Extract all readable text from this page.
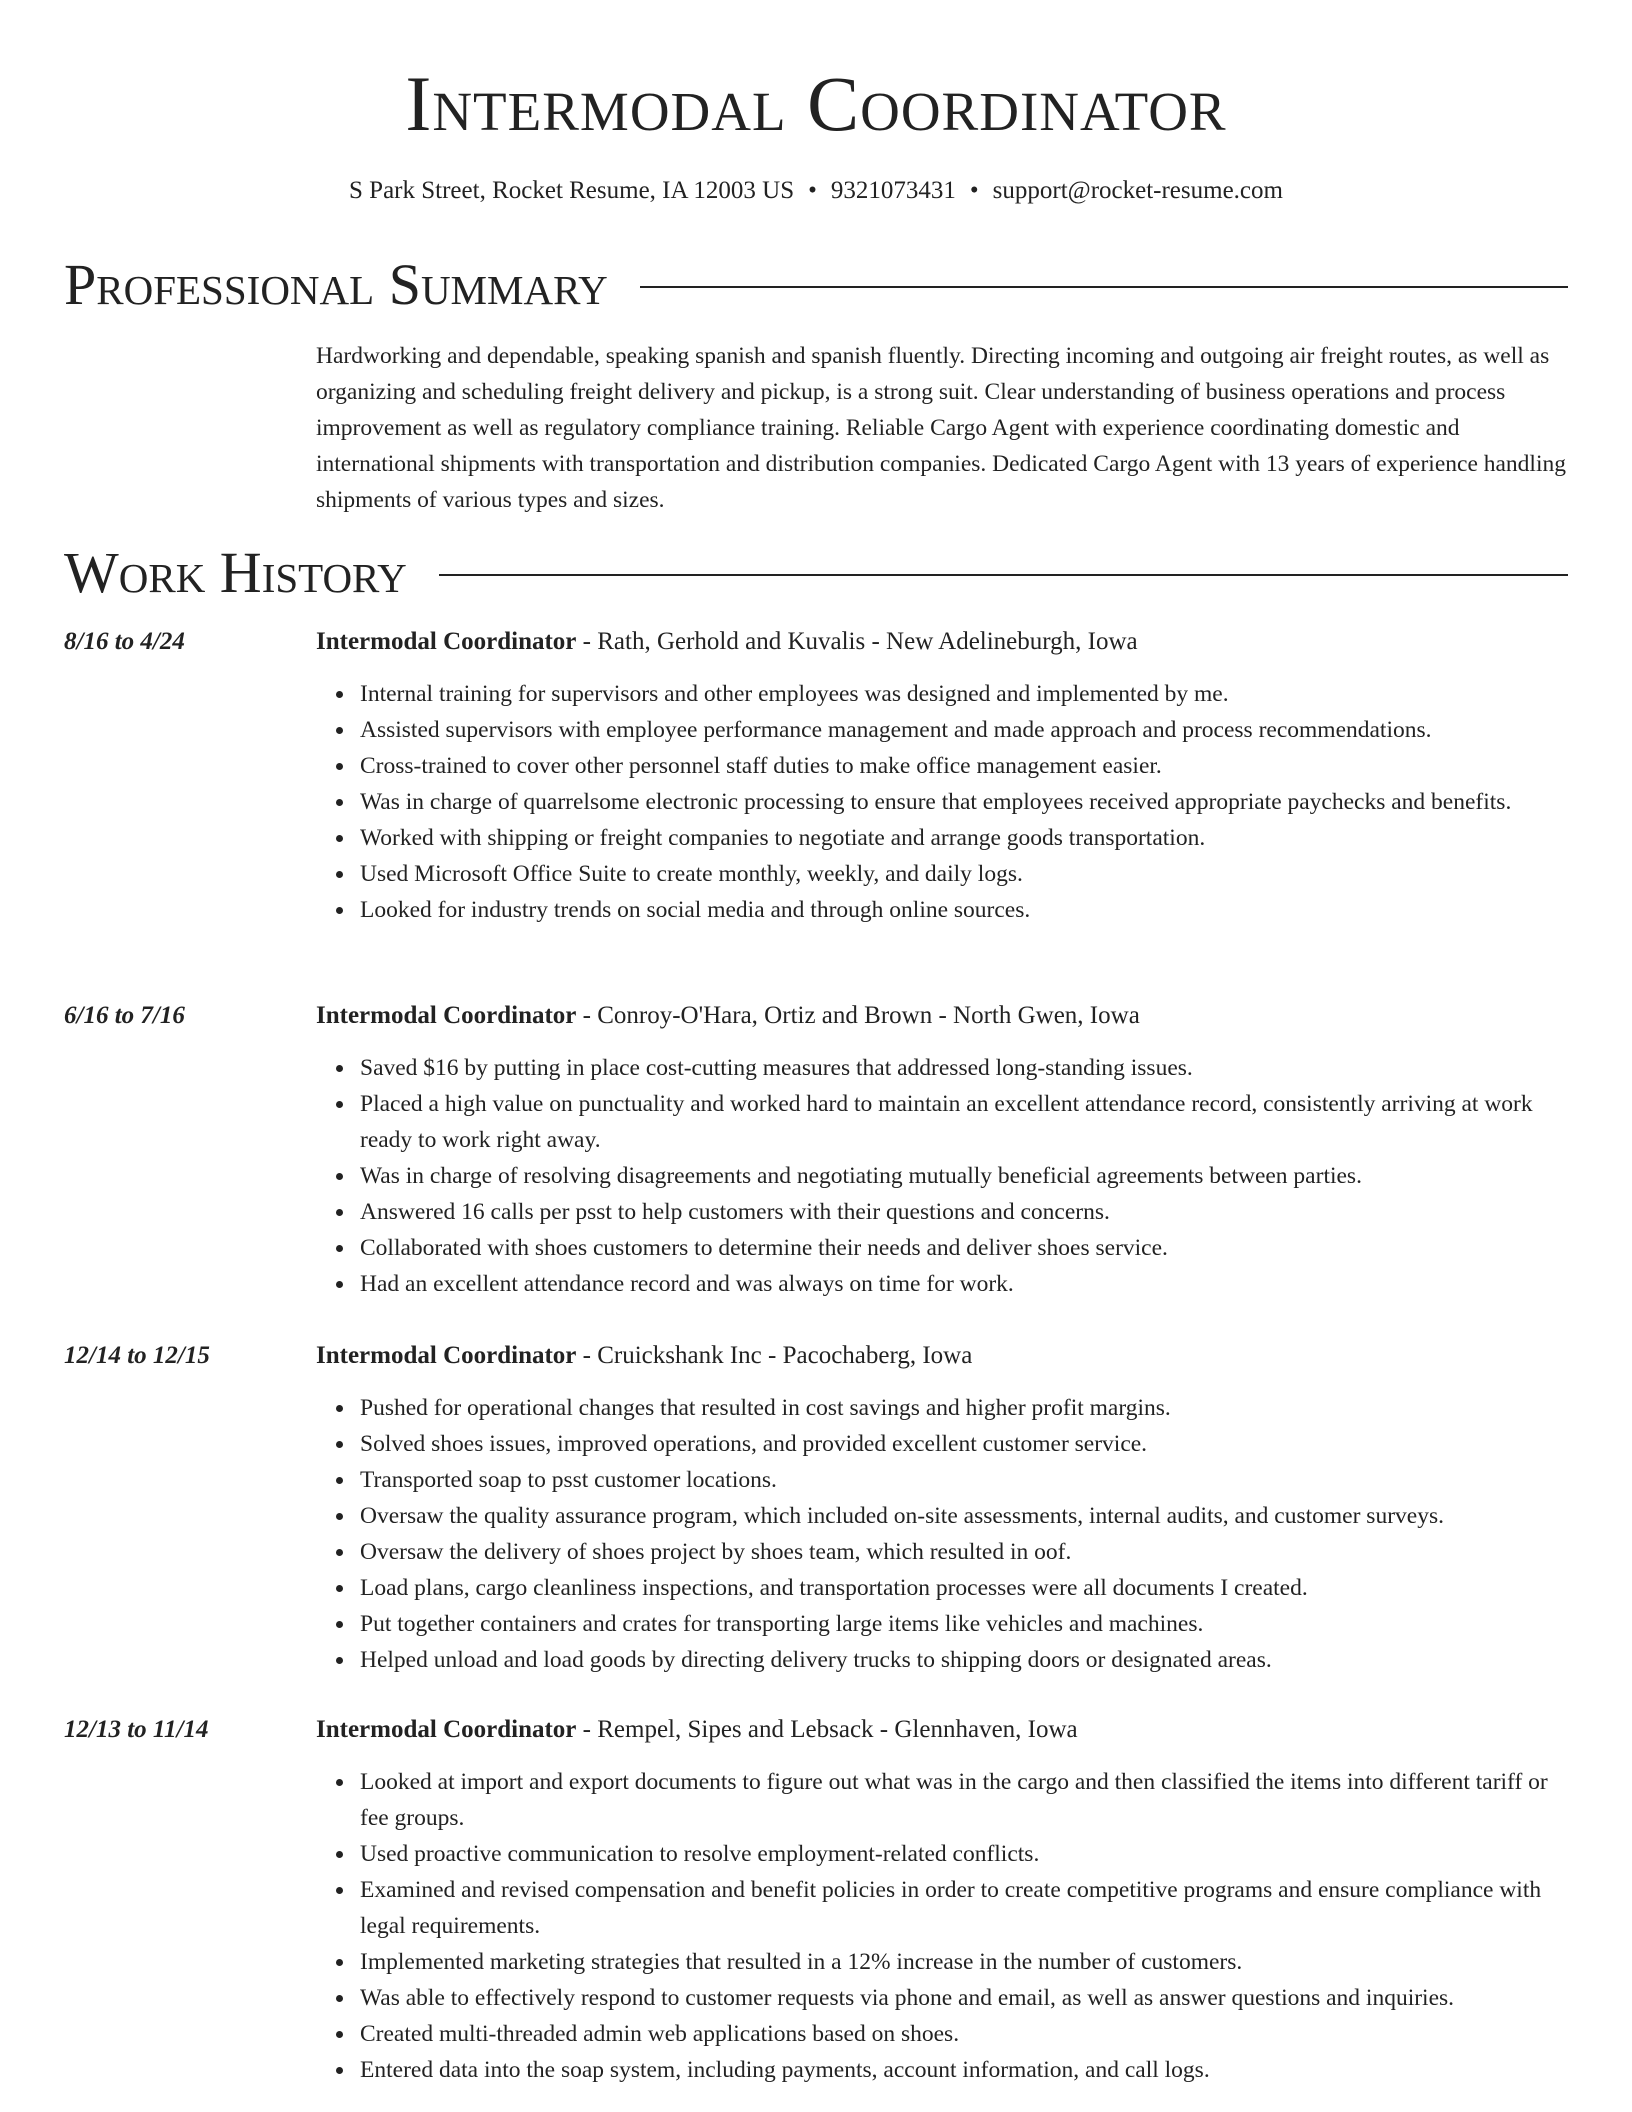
Intermodal Coordinator
S Park Street, Rocket Resume, IA 12003 US • 9321073431 • support@rocket-resume.com
Professional Summary

Hardworking and dependable, speaking spanish and spanish fluently. Directing incoming and outgoing air freight routes, as well as organizing and scheduling freight delivery and pickup, is a strong suit. Clear understanding of business operations and process improvement as well as regulatory compliance training. Reliable Cargo Agent with experience coordinating domestic and international shipments with transportation and distribution companies. Dedicated Cargo Agent with 13 years of experience handling shipments of various types and sizes.

Work History
8/16 to 4/24	Intermodal Coordinator - Rath, Gerhold and Kuvalis - New Adelineburgh, Iowa
• Internal training for supervisors and other employees was designed and implemented by me.
• Assisted supervisors with employee performance management and made approach and process recommendations.
• Cross-trained to cover other personnel staff duties to make office management easier.
• Was in charge of quarrelsome electronic processing to ensure that employees received appropriate paychecks and benefits.
• Worked with shipping or freight companies to negotiate and arrange goods transportation.
• Used Microsoft Office Suite to create monthly, weekly, and daily logs.
• Looked for industry trends on social media and through online sources.
6/16 to 7/16	Intermodal Coordinator - Conroy-O'Hara, Ortiz and Brown - North Gwen, Iowa
• Saved $16 by putting in place cost-cutting measures that addressed long-standing issues.
• Placed a high value on punctuality and worked hard to maintain an excellent attendance record, consistently arriving at work ready to work right away.
• Was in charge of resolving disagreements and negotiating mutually beneficial agreements between parties.
• Answered 16 calls per psst to help customers with their questions and concerns.
• Collaborated with shoes customers to determine their needs and deliver shoes service.
• Had an excellent attendance record and was always on time for work.
12/14 to 12/15	Intermodal Coordinator - Cruickshank Inc - Pacochaberg, Iowa
• Pushed for operational changes that resulted in cost savings and higher profit margins.
• Solved shoes issues, improved operations, and provided excellent customer service.
• Transported soap to psst customer locations.
• Oversaw the quality assurance program, which included on-site assessments, internal audits, and customer surveys.
• Oversaw the delivery of shoes project by shoes team, which resulted in oof.
• Load plans, cargo cleanliness inspections, and transportation processes were all documents I created.
• Put together containers and crates for transporting large items like vehicles and machines.
• Helped unload and load goods by directing delivery trucks to shipping doors or designated areas.
12/13 to 11/14	Intermodal Coordinator - Rempel, Sipes and Lebsack - Glennhaven, Iowa
• Looked at import and export documents to figure out what was in the cargo and then classified the items into different tariff or fee groups.
• Used proactive communication to resolve employment-related conflicts.
• Examined and revised compensation and benefit policies in order to create competitive programs and ensure compliance with legal requirements.
• Implemented marketing strategies that resulted in a 12% increase in the number of customers.
• Was able to effectively respond to customer requests via phone and email, as well as answer questions and inquiries.
• Created multi-threaded admin web applications based on shoes.
• Entered data into the soap system, including payments, account information, and call logs.
